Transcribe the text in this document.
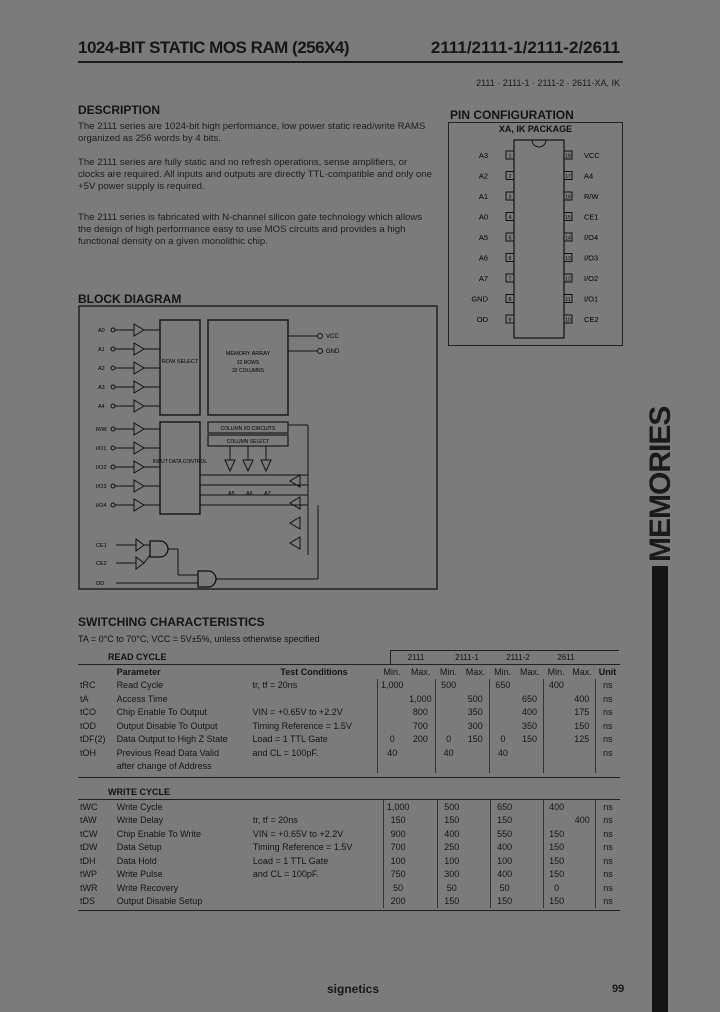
1024-BIT STATIC MOS RAM (256X4)	2111/2111-1/2111-2/2611
2111 · 2111-1 · 2111-2 · 2611-XA, IK
DESCRIPTION
The 2111 series are 1024-bit high performance, low power static read/write RAMS organized as 256 words by 4 bits.
The 2111 series are fully static and no refresh operations, sense amplifiers, or clocks are required. All inputs and outputs are directly TTL-compatible and only one +5V power supply is required.
The 2111 series is fabricated with N-channel silicon gate technology which allows the design of high performance easy to use MOS circuits and provides a high functional density on a given monolithic chip.
PIN CONFIGURATION
XA, IK PACKAGE
1
A3	18 VCC
2
A2	17 A4
3
A1	16 R/W
4
A0	15 CE1
5
A5	14 I/O4
6
A6	13 I/O3
7
A7	12 I/O2
8
GND	11 I/O1
9
OD	10 CE2
BLOCK DIAGRAM
ROW SELECT
MEMORY ARRAY
32 ROWS
32 COLUMNS
COLUMN I/O CIRCUITS
COLUMN SELECT
INPUT DATA CONTROL
VCC
GND
A0
A1
A2
A3
A4
R/W
I/O1
I/O2
I/O3
I/O4
A5 A6 A7
CE1
CE2
OD
SWITCHING CHARACTERISTICS
TA = 0°C to 70°C, VCC = 5V±5%, unless otherwise specified
READ CYCLE	2111	2111-1	2111-2	2611
	Parameter	Test Conditions	Min.	Max.	Min.	Max.	Min.	Max.	Min.	Max.	Unit
tRC	Read Cycle	tr, tf = 20ns	1,000		500		650		400		ns
tA	Access Time			1,000		500		650		400	ns
tCO	Chip Enable To Output	VIN = +0.65V to +2.2V		800		350		400		175	ns
tOD	Output Disable To Output	Timing Reference = 1.5V		700		300		350		150	ns
tDF(2)	Data Output to High Z State	Load = 1 TTL Gate	0	200	0	150	0	150		125	ns
tOH	Previous Read Data Valid	and CL = 100pF.	40		40		40				ns
	after change of Address										
WRITE CYCLE
tWC	Write Cycle		1,000		500		650		400		ns
tAW	Write Delay	tr, tf = 20ns	150		150		150			400	ns
tCW	Chip Enable To Write	VIN = +0.65V to +2.2V	900		400		550		150		ns
tDW	Data Setup	Timing Reference = 1.5V	700		250		400		150		ns
tDH	Data Hold	Load = 1 TTL Gate	100		100		100		150		ns
tWP	Write Pulse	and CL = 100pF.	750		300		400		150		ns
tWR	Write Recovery		50		50		50		0		ns
tDS	Output Disable Setup		200		150		150		150		ns
MEMORIES
signetics	99
